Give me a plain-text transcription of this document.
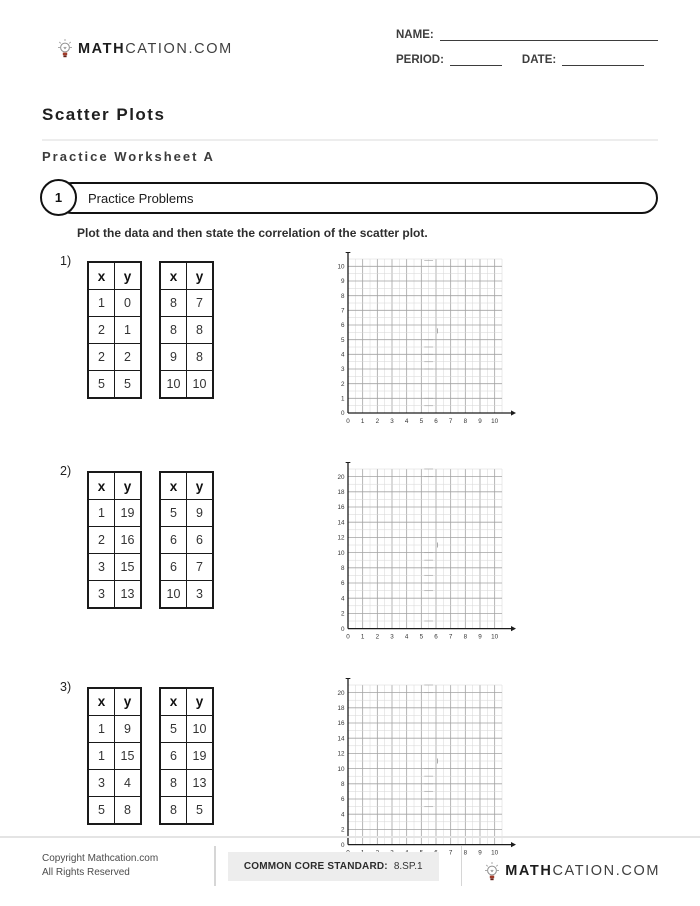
MATHCATION.COM
NAME:
PERIOD:	DATE:
Scatter Plots
Practice Worksheet A
1	Practice Problems
Plot the data and then state the correlation of the scatter plot.
1)
x	y
1	0
2	1
2	2
5	5
x	y
8	7
8	8
9	8
10	10
0 1 2 3 4 5 6 7 8 9 10
0
1
2
3
4
5
6
7
8
9
10
2)
x	y
1	19
2	16
3	15
3	13
x	y
5	9
6	6
6	7
10	3
0 1 2 3 4 5 6 7 8 9 10
0
2
4
6
8
10
12
14
16
18
20
3)
x	y
1	9
1	15
3	4
5	8
x	y
5	10
6	19
8	13
8	5
7 8 9 10
0
2
4
6
8
10
12
14
16
18
20
Copyright Mathcation.com
All Rights Reserved
COMMON CORE STANDARD: 8.SP.1	MATHCATION.COM
